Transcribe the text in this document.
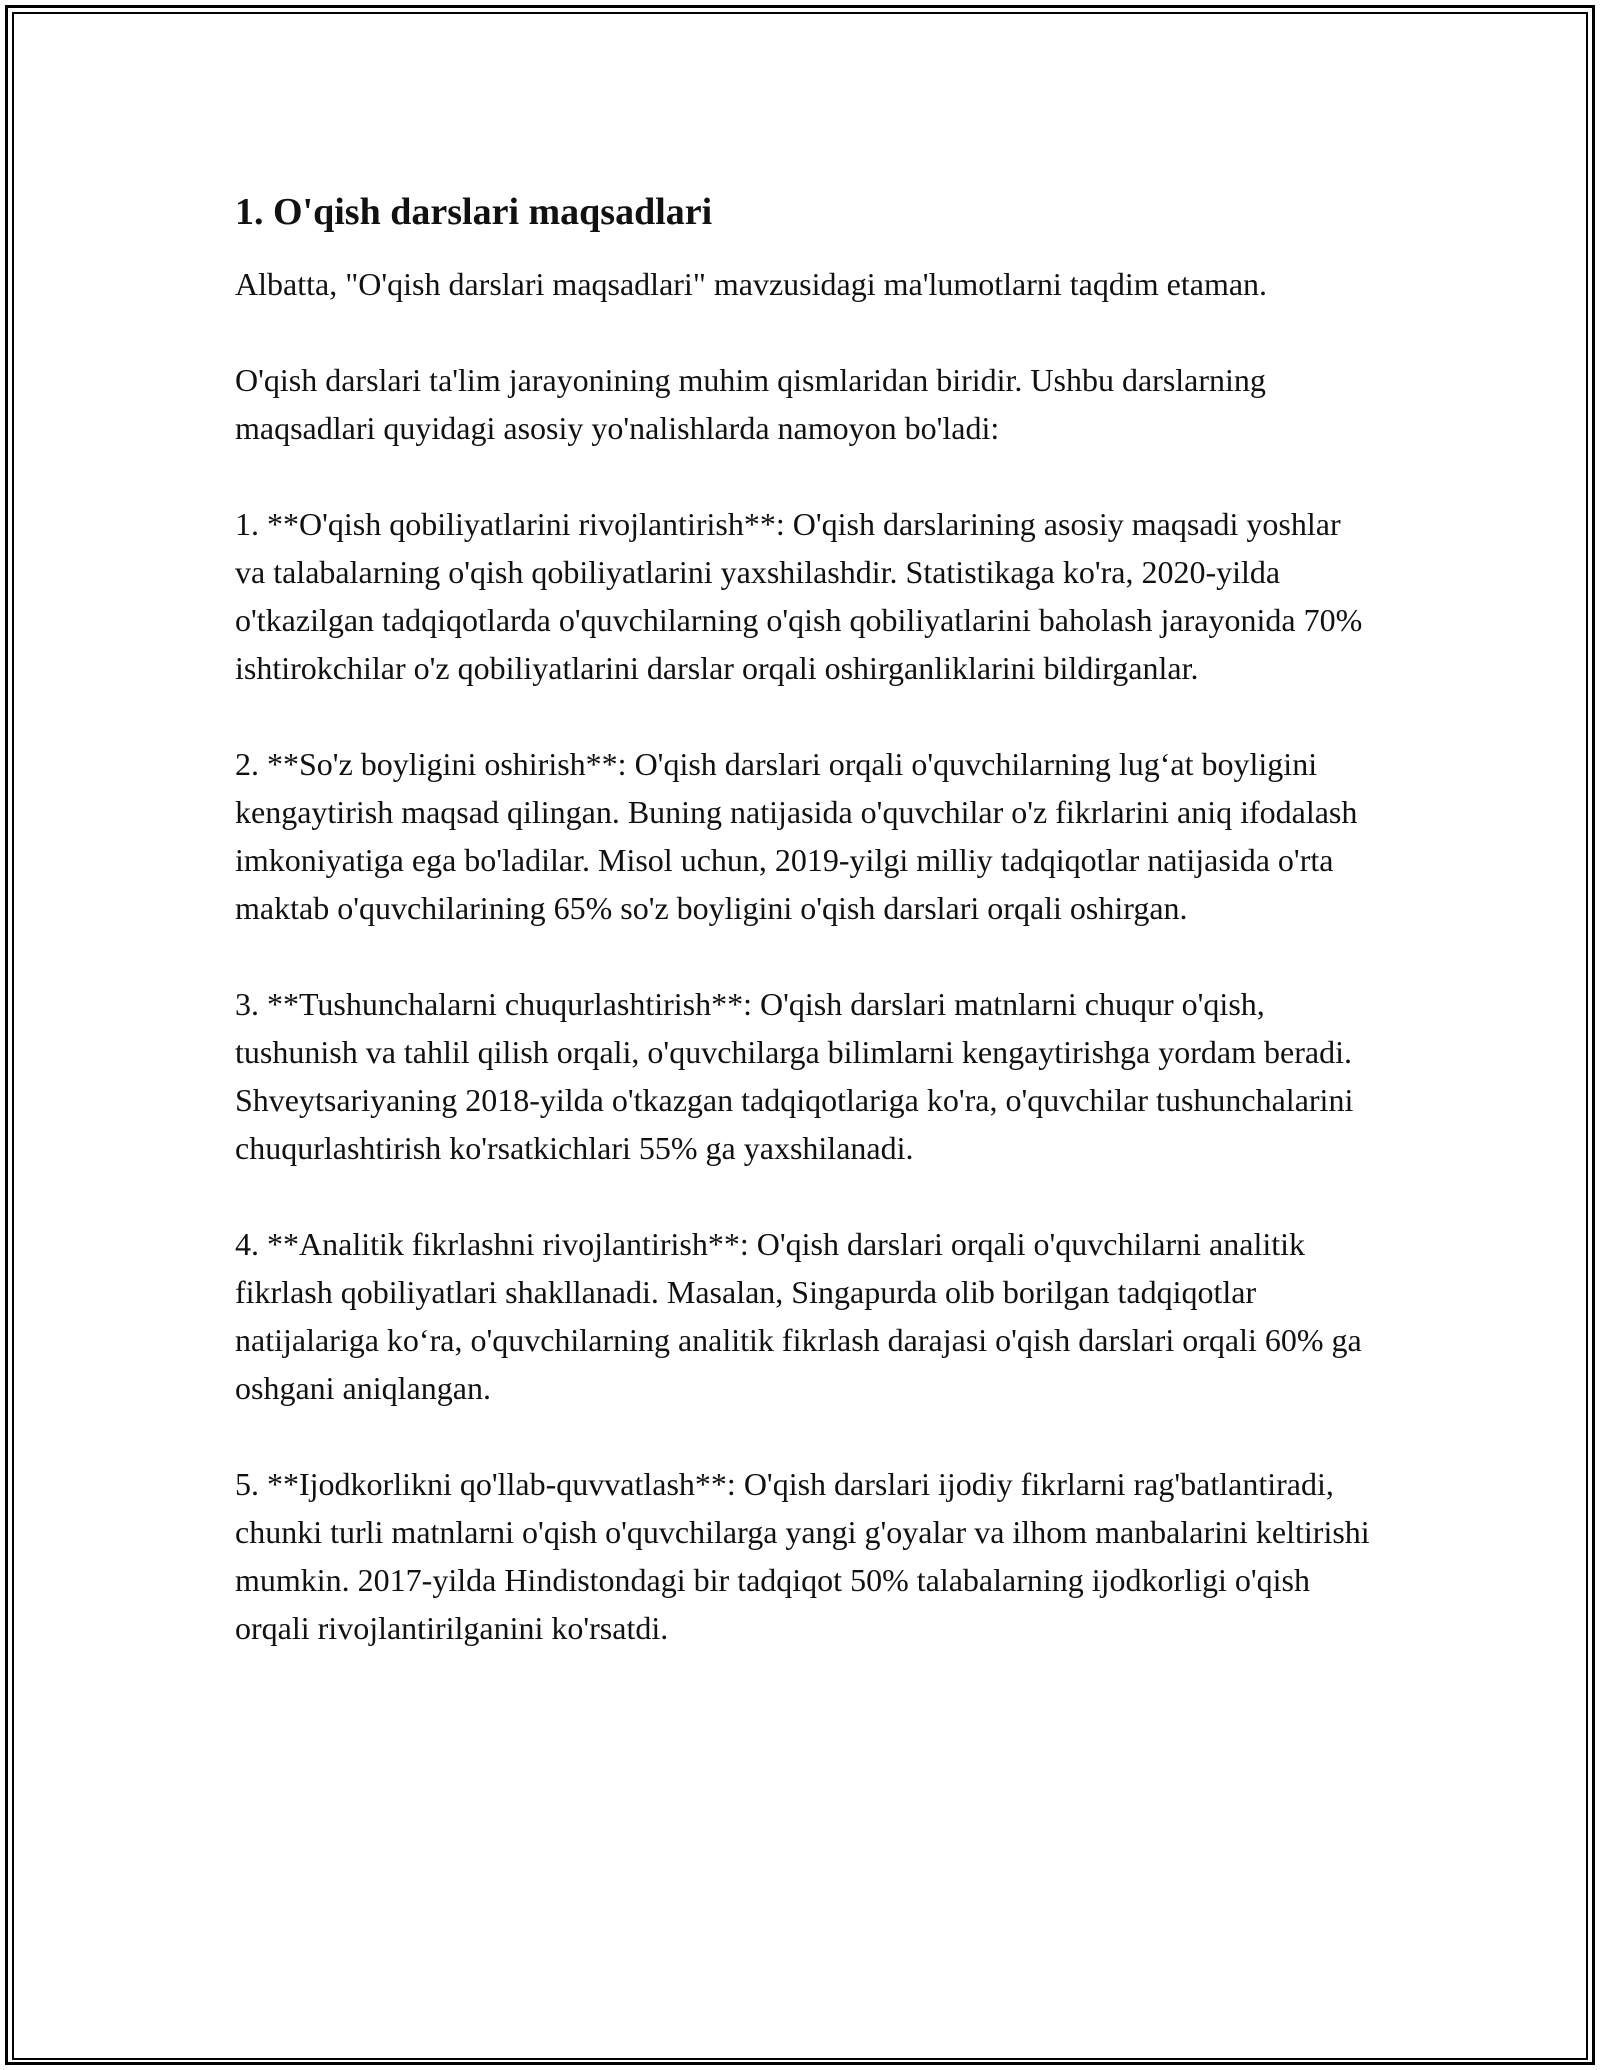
1. O'qish darslari maqsadlari

Albatta, "O'qish darslari maqsadlari" mavzusidagi ma'lumotlarni taqdim etaman.

O'qish darslari ta'lim jarayonining muhim qismlaridan biridir. Ushbu darslarning maqsadlari quyidagi asosiy yo'nalishlarda namoyon bo'ladi:

1. **O'qish qobiliyatlarini rivojlantirish**: O'qish darslarining asosiy maqsadi yoshlar va talabalarning o'qish qobiliyatlarini yaxshilashdir. Statistikaga ko'ra, 2020-yilda o'tkazilgan tadqiqotlarda o'quvchilarning o'qish qobiliyatlarini baholash jarayonida 70% ishtirokchilar o'z qobiliyatlarini darslar orqali oshirganliklarini bildirganlar.

2. **So'z boyligini oshirish**: O'qish darslari orqali o'quvchilarning lug‘at boyligini kengaytirish maqsad qilingan. Buning natijasida o'quvchilar o'z fikrlarini aniq ifodalash imkoniyatiga ega bo'ladilar. Misol uchun, 2019-yilgi milliy tadqiqotlar natijasida o'rta maktab o'quvchilarining 65% so'z boyligini o'qish darslari orqali oshirgan.

3. **Tushunchalarni chuqurlashtirish**: O'qish darslari matnlarni chuqur o'qish, tushunish va tahlil qilish orqali, o'quvchilarga bilimlarni kengaytirishga yordam beradi. Shveytsariyaning 2018-yilda o'tkazgan tadqiqotlariga ko'ra, o'quvchilar tushunchalarini chuqurlashtirish ko'rsatkichlari 55% ga yaxshilanadi.

4. **Analitik fikrlashni rivojlantirish**: O'qish darslari orqali o'quvchilarni analitik fikrlash qobiliyatlari shakllanadi. Masalan, Singapurda olib borilgan tadqiqotlar natijalariga ko‘ra, o'quvchilarning analitik fikrlash darajasi o'qish darslari orqali 60% ga oshgani aniqlangan.

5. **Ijodkorlikni qo'llab-quvvatlash**: O'qish darslari ijodiy fikrlarni rag'batlantiradi, chunki turli matnlarni o'qish o'quvchilarga yangi g'oyalar va ilhom manbalarini keltirishi mumkin. 2017-yilda Hindistondagi bir tadqiqot 50% talabalarning ijodkorligi o'qish orqali rivojlantirilganini ko'rsatdi.
